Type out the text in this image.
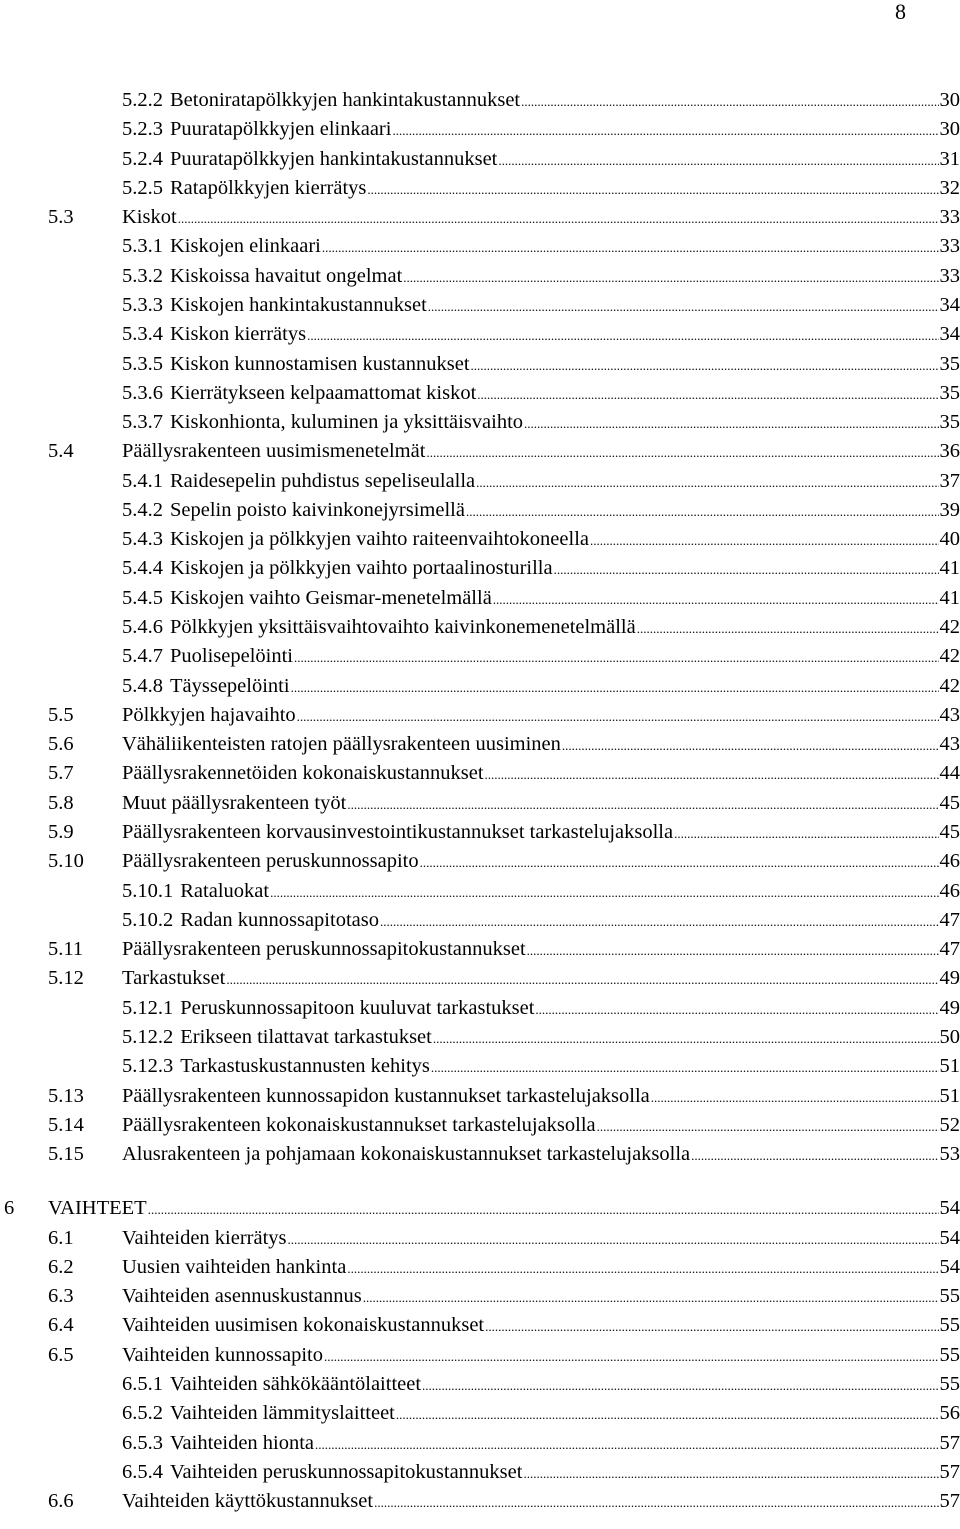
8
5.2.2 Betoniratapölkkyjen hankintakustannukset .....	30
5.2.3 Puuratapölkkyjen elinkaari .....	30
5.2.4 Puuratapölkkyjen hankintakustannukset .....	31
5.2.5 Ratapölkkyjen kierrätys .....	32
5.3	Kiskot .....	33
5.3.1 Kiskojen elinkaari .....	33
5.3.2 Kiskoissa havaitut ongelmat .....	33
5.3.3 Kiskojen hankintakustannukset .....	34
5.3.4 Kiskon kierrätys .....	34
5.3.5 Kiskon kunnostamisen kustannukset .....	35
5.3.6 Kierrätykseen kelpaamattomat kiskot .....	35
5.3.7 Kiskonhionta, kuluminen ja yksittäisvaihto .....	35
5.4	Päällysrakenteen uusimismenetelmät .....	36
5.4.1 Raidesepelin puhdistus sepeliseulalla .....	37
5.4.2 Sepelin poisto kaivinkonejyrsimellä .....	39
5.4.3 Kiskojen ja pölkkyjen vaihto raiteenvaihtokoneella .....	40
5.4.4 Kiskojen ja pölkkyjen vaihto portaalinosturilla .....	41
5.4.5 Kiskojen vaihto Geismar-menetelmällä .....	41
5.4.6 Pölkkyjen yksittäisvaihtovaihto kaivinkonemenetelmällä .....	42
5.4.7 Puolisepelöinti .....	42
5.4.8 Täyssepelöinti .....	42
5.5	Pölkkyjen hajavaihto .....	43
5.6	Vähäliikenteisten ratojen päällysrakenteen uusiminen .....	43
5.7	Päällysrakennetöiden kokonaiskustannukset .....	44
5.8	Muut päällysrakenteen työt .....	45
5.9	Päällysrakenteen korvausinvestointikustannukset tarkastelujaksolla .....	45
5.10	Päällysrakenteen peruskunnossapito .....	46
5.10.1 Rataluokat .....	46
5.10.2 Radan kunnossapitotaso .....	47
5.11	Päällysrakenteen peruskunnossapitokustannukset .....	47
5.12	Tarkastukset .....	49
5.12.1 Peruskunnossapitoon kuuluvat tarkastukset .....	49
5.12.2 Erikseen tilattavat tarkastukset .....	50
5.12.3 Tarkastuskustannusten kehitys .....	51
5.13	Päällysrakenteen kunnossapidon kustannukset tarkastelujaksolla .....	51
5.14	Päällysrakenteen kokonaiskustannukset tarkastelujaksolla .....	52
5.15	Alusrakenteen ja pohjamaan kokonaiskustannukset tarkastelujaksolla .....	53
6	VAIHTEET .....	54
6.1	Vaihteiden kierrätys .....	54
6.2	Uusien vaihteiden hankinta .....	54
6.3	Vaihteiden asennuskustannus .....	55
6.4	Vaihteiden uusimisen kokonaiskustannukset .....	55
6.5	Vaihteiden kunnossapito .....	55
6.5.1 Vaihteiden sähkökääntölaitteet .....	55
6.5.2 Vaihteiden lämmityslaitteet .....	56
6.5.3 Vaihteiden hionta .....	57
6.5.4 Vaihteiden peruskunnossapitokustannukset .....	57
6.6	Vaihteiden käyttökustannukset .....	57
